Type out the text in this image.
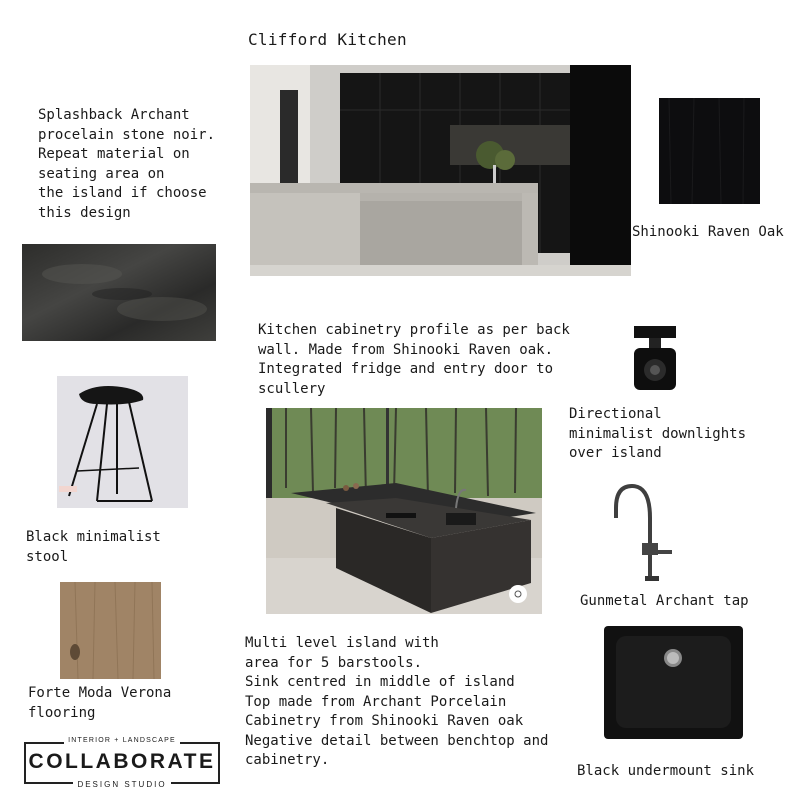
Clifford Kitchen
Splashback Archant
procelain stone noir.
Repeat material on
seating area on
the island if choose
this design
Shinooki Raven Oak
Kitchen cabinetry profile as per back
wall. Made from Shinooki Raven oak.
Integrated fridge and entry door to
scullery
Directional
minimalist downlights
over island
Black minimalist
stool
Gunmetal Archant tap
Forte Moda Verona
flooring
Multi level island with
area for 5 barstools.
Sink centred in middle of island
Top made from Archant Porcelain
Cabinetry from Shinooki Raven oak
Negative detail between benchtop and
cabinetry.
Black undermount sink
INTERIOR + LANDSCAPE
COLLABORATE
DESIGN STUDIO
